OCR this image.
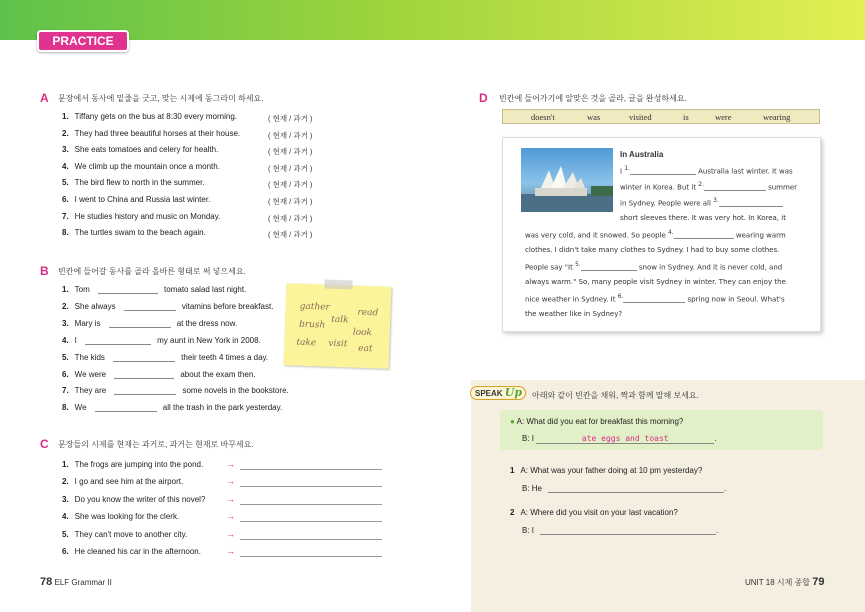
PRACTICE
A 문장에서 동사에 밑줄을 긋고, 맞는 시제에 동그라미 하세요.
1. Tiffany gets on the bus at 8:30 every morning.	( 현재 / 과거 )
2. They had three beautiful horses at their house.	( 현재 / 과거 )
3. She eats tomatoes and celery for health.	( 현재 / 과거 )
4. We climb up the mountain once a month.	( 현재 / 과거 )
5. The bird flew to north in the summer.	( 현재 / 과거 )
6. I went to China and Russia last winter.	( 현재 / 과거 )
7. He studies history and music on Monday.	( 현재 / 과거 )
8. The turtles swam to the beach again.	( 현재 / 과거 )
B 빈칸에 들어갈 동사를 골라 올바른 형태로 써 넣으세요.
1. Tom	tomato salad last night.
2. She always	vitamins before breakfast.
3. Mary is	at the dress now.
4. I	my aunt in New York in 2008.
5. The kids	their teeth 4 times a day.
6. We were	about the exam then.
7. They are	some novels in the bookstore.
8. We	all the trash in the park yesterday.
gather
read
talk
brush
look
take visit eat
C 문장들의 시제를 현재는 과거로, 과거는 현재로 바꾸세요.
1. The frogs are jumping into the pond.	→
2. I go and see him at the airport.	→
3. Do you know the writer of this novel? →
4. She was looking for the clerk.	→
5. They can't move to another city.	→
6. He cleaned his car in the afternoon.	→
D 빈칸에 들어가기에 알맞은 것을 골라, 글을 완성하세요.
doesn't	was	visited	is	were	wearing
In Australia
I $^{1.}$	Australia last winter. It was
winter in Korea. But it $^{2.}$	summer
in Sydney. People were all $^{3.}$
short sleeves there. It was very hot. In Korea, it
was very cold, and it snowed. So people $^{4.}$	wearing warm
clothes. I didn't take many clothes to Sydney. I had to buy some clothes.
People say "It $^{5.}$	snow in Sydney. And it is never cold, and
always warm." So, many people visit Sydney in winter. They can enjoy the
nice weather in Sydney. It $^{6.}$	spring now in Seoul. What's
the weather like in Sydney?
SPEAK Up	아래와 같이 빈칸을 채워, 짝과 함께 말해 보세요.
● A: What did you eat for breakfast this morning?
B: I	ate eggs and toast	.
1 A: What was your father doing at 10 pm yesterday?
B: He	.
2 A: Where did you visit on your last vacation?
B: I	.
78 ELF Grammar II	UNIT 18 시제 종합 79
